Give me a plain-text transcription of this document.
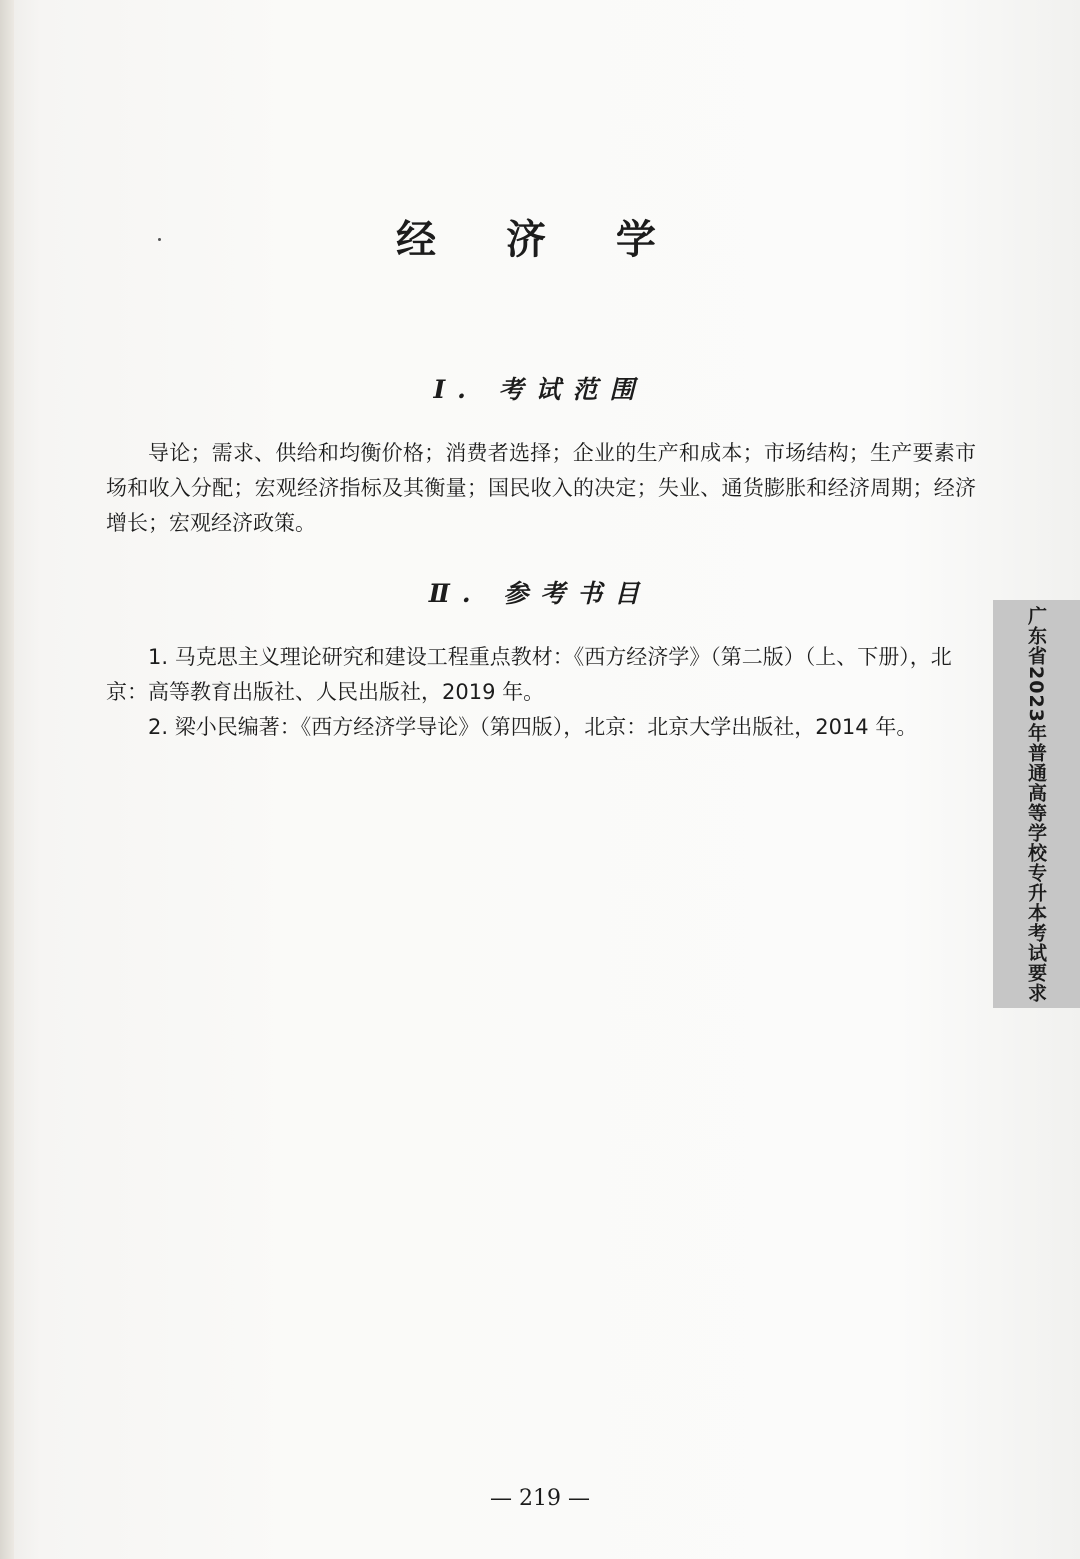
经 济 学
Ⅰ. 考试范围

导论；需求、供给和均衡价格；消费者选择；企业的生产和成本；市场结构；生产要素市场和收入分配；宏观经济指标及其衡量；国民收入的决定；失业、通货膨胀和经济周期；经济增长；宏观经济政策。

Ⅱ. 参考书目

1. 马克思主义理论研究和建设工程重点教材：《西方经济学》（第二版）（上、下册），北京：高等教育出版社、人民出版社，2019 年。

2. 梁小民编著：《西方经济学导论》（第四版），北京：北京大学出版社，2014 年。	广东省2023年普通高等学校专升本考试要求
— 219 —
